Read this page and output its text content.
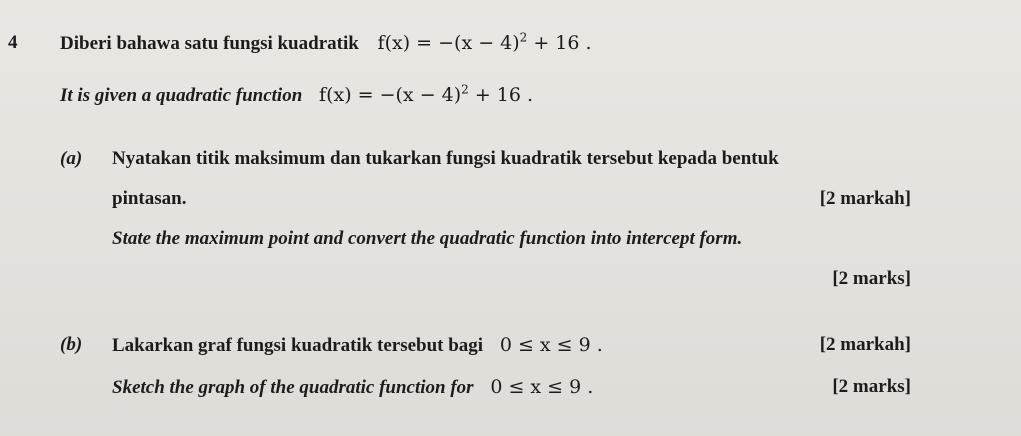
4 Diberi bahawa satu fungsi kuadratik $f(x) = -(x - 4)^2 + 16$ .
It is given a quadratic function $f(x) = -(x - 4)^2 + 16$ .
(a) Nyatakan titik maksimum dan tukarkan fungsi kuadratik tersebut kepada bentuk
pintasan.	[2 markah]
State the maximum point and convert the quadratic function into intercept form.
[2 marks]
(b) Lakarkan graf fungsi kuadratik tersebut bagi 0 ≤ x ≤ 9 .	[2 markah]
Sketch the graph of the quadratic function for 0 ≤ x ≤ 9 .	[2 marks]
